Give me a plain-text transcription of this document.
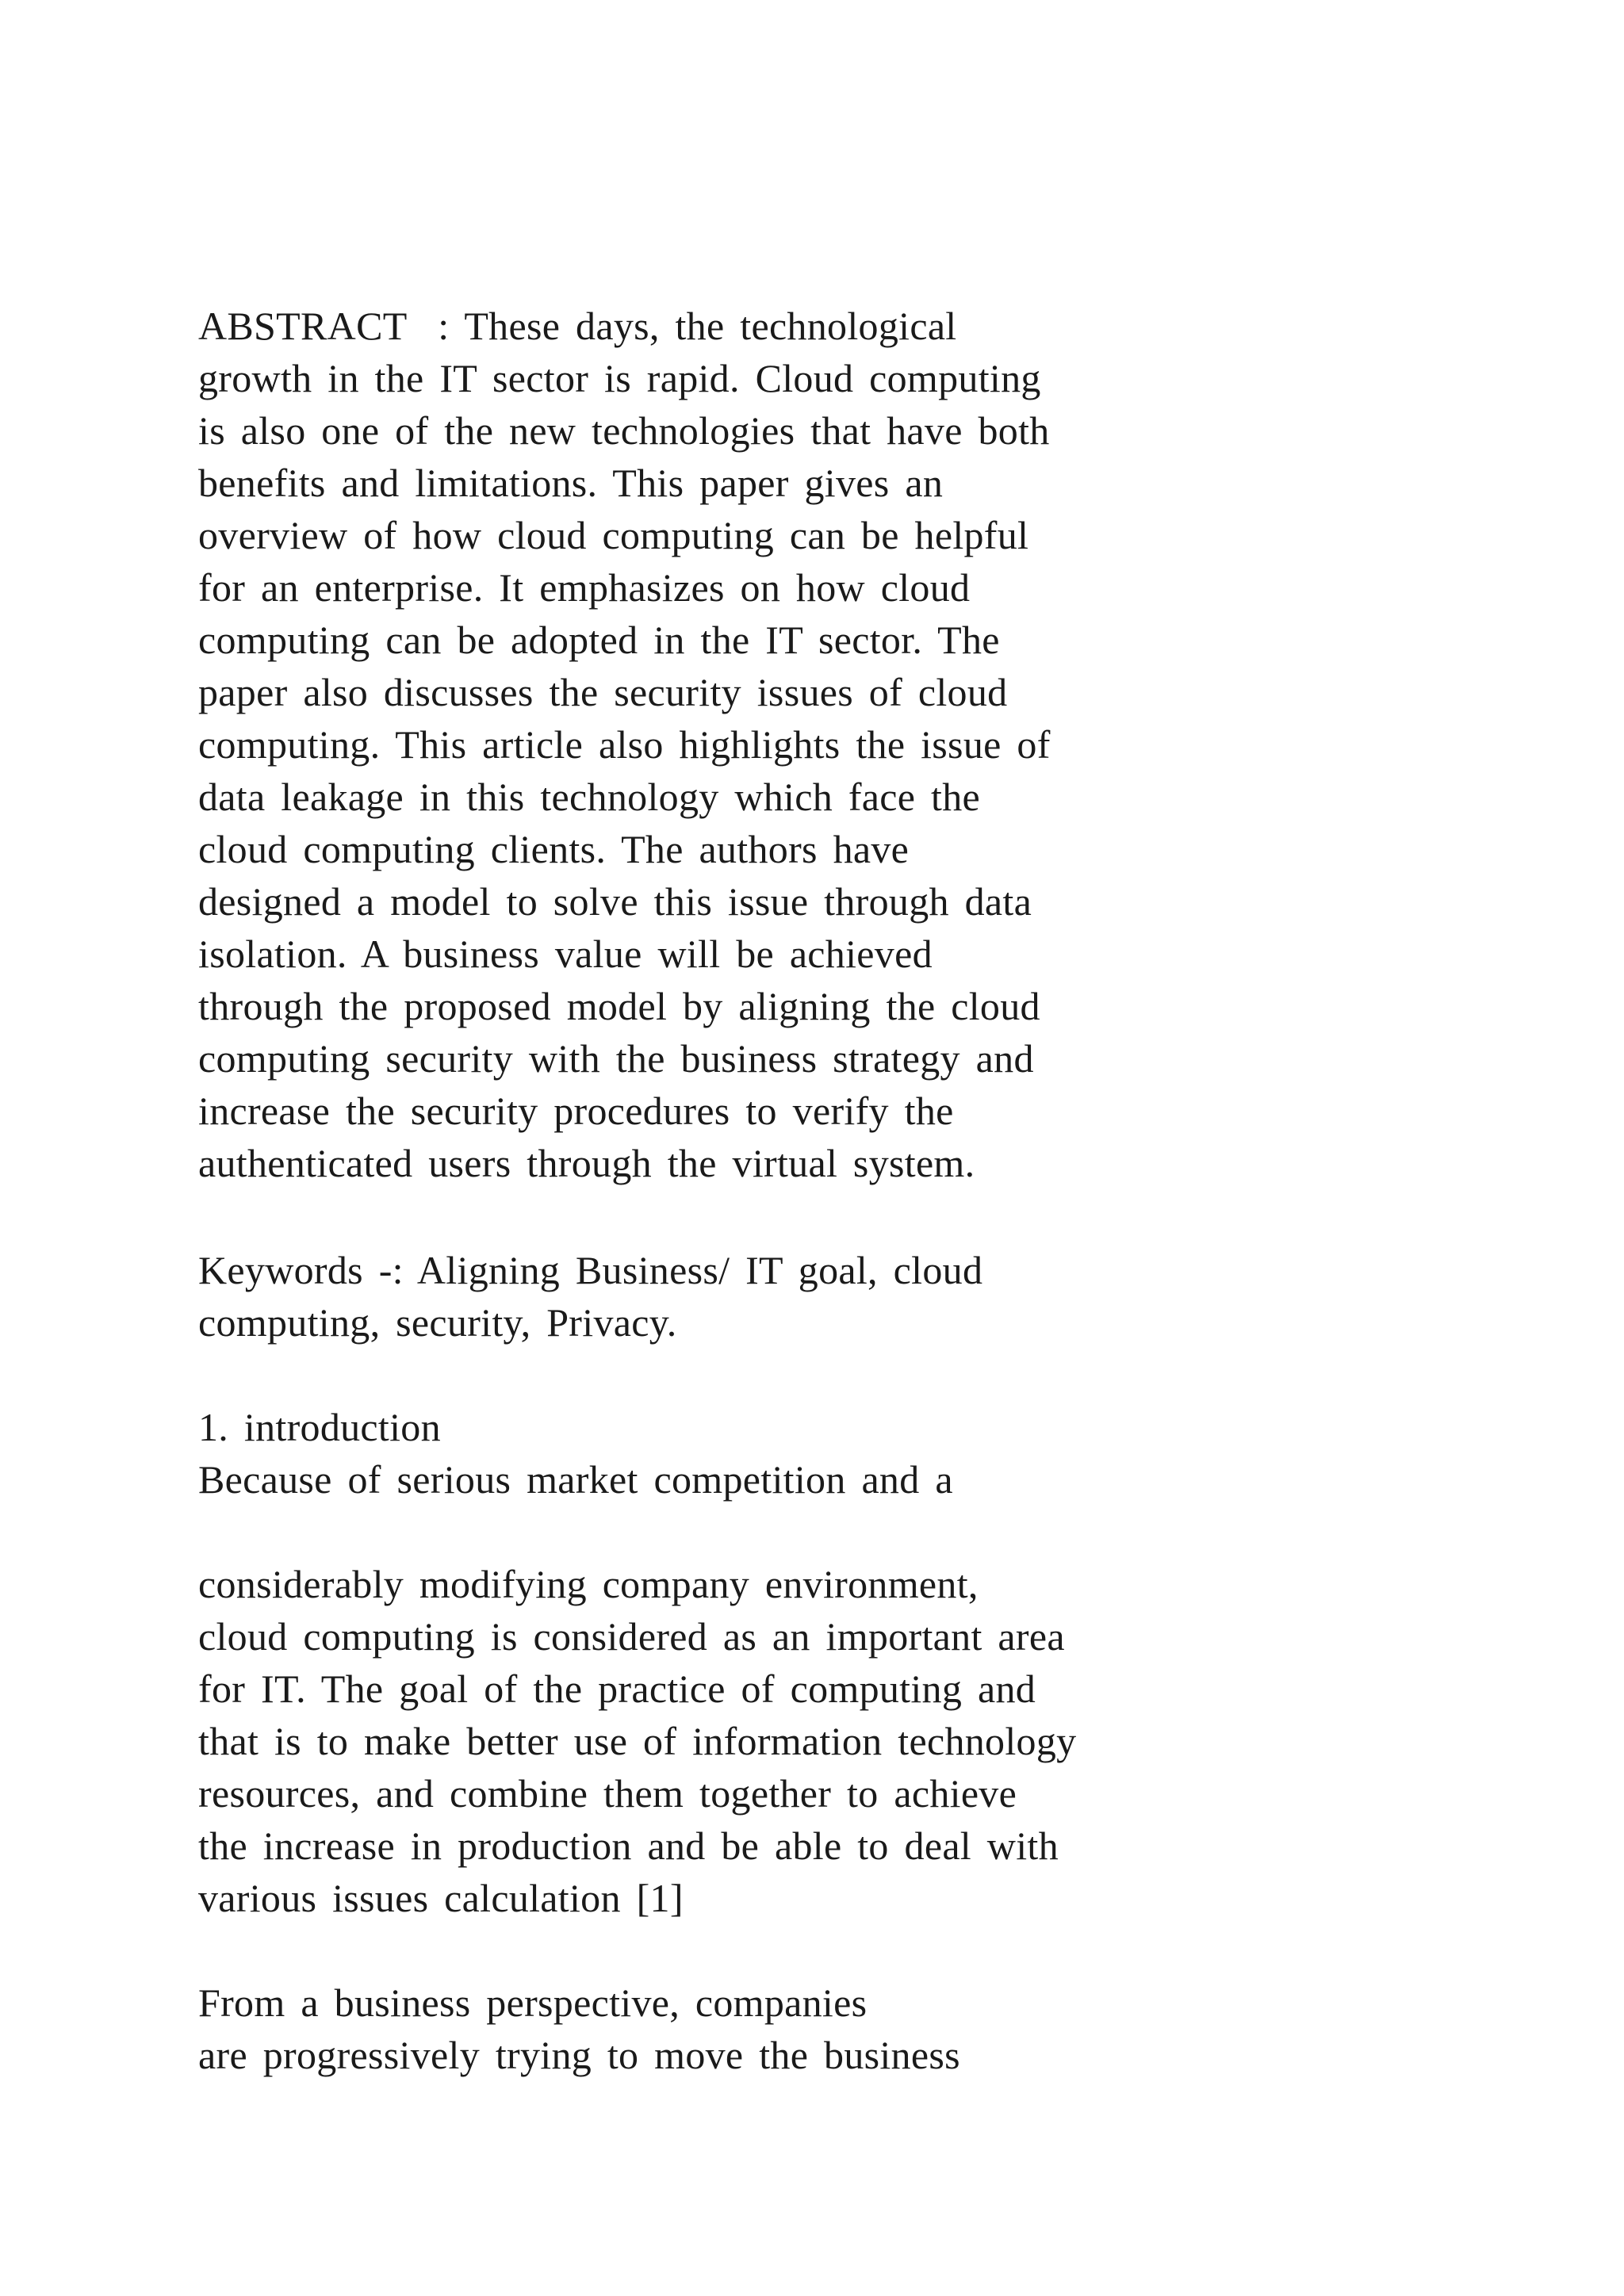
ABSTRACT  : These days, the technological
growth in the IT sector is rapid. Cloud computing
is also one of the new technologies that have both
benefits and limitations. This paper gives an
overview of how cloud computing can be helpful
for an enterprise. It emphasizes on how cloud
computing can be adopted in the IT sector. The
paper also discusses the security issues of cloud
computing. This article also highlights the issue of
data leakage in this technology which face the
cloud computing clients. The authors have
designed a model to solve this issue through data
isolation. A business value will be achieved
through the proposed model by aligning the cloud
computing security with the business strategy and
increase the security procedures to verify the
authenticated users through the virtual system.
Keywords -: Aligning Business/ IT goal, cloud
computing, security, Privacy.
1. introduction
Because of serious market competition and a
considerably modifying company environment,
cloud computing is considered as an important area
for IT. The goal of the practice of computing and
that is to make better use of information technology
resources, and combine them together to achieve
the increase in production and be able to deal with
various issues calculation [1]
From a business perspective, companies
are progressively trying to move the business
